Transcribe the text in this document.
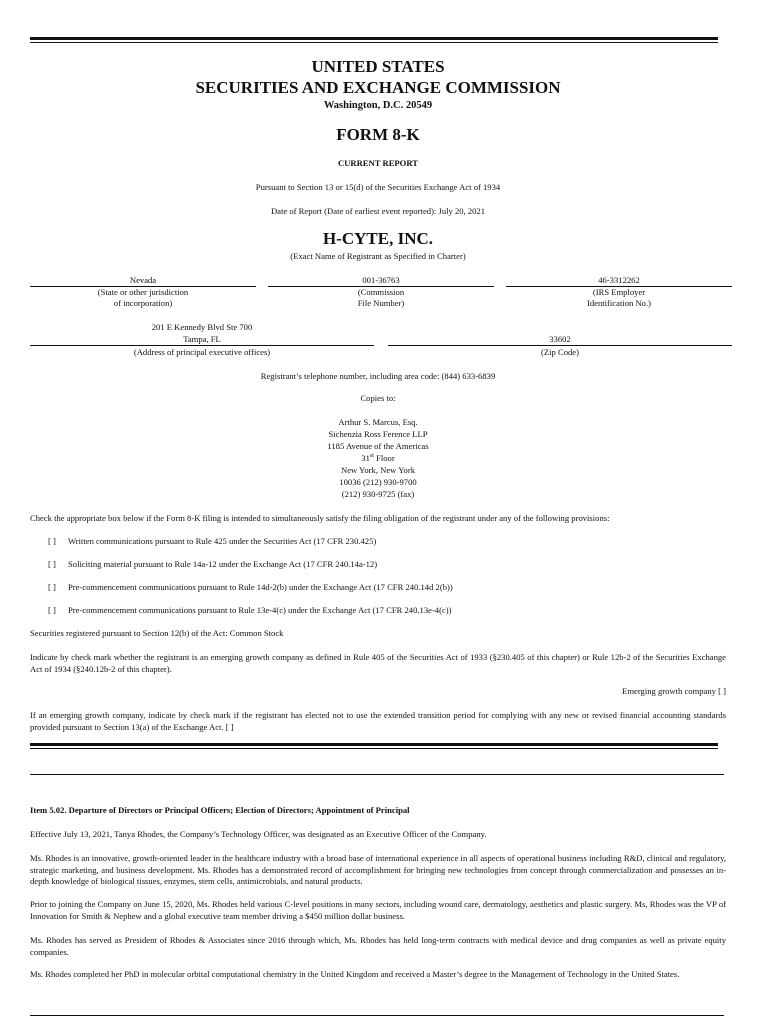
UNITED STATES
SECURITIES AND EXCHANGE COMMISSION
Washington, D.C. 20549
FORM 8-K
CURRENT REPORT
Pursuant to Section 13 or 15(d) of the Securities Exchange Act of 1934
Date of Report (Date of earliest event reported): July 20, 2021
H-CYTE, INC.
(Exact Name of Registrant as Specified in Charter)
Nevada
(State or other jurisdiction
of incorporation)
001-36763
(Commission
File Number)
46-3312262
(IRS Employer
Identification No.)
201 E Kennedy Blvd Ste 700
Tampa, FL
(Address of principal executive offices)
33602
(Zip Code)
Registrant’s telephone number, including area code: (844) 633-6839
Copies to:
Arthur S. Marcus, Esq.
Sichenzia Ross Ference LLP
1185 Avenue of the Americas
31st Floor
New York, New York
10036 (212) 930-9700
(212) 930-9725 (fax)
Check the appropriate box below if the Form 8-K filing is intended to simultaneously satisfy the filing obligation of the registrant under any of the following provisions:
[ ] Written communications pursuant to Rule 425 under the Securities Act (17 CFR 230.425)
[ ] Soliciting material pursuant to Rule 14a-12 under the Exchange Act (17 CFR 240.14a-12)
[ ] Pre-commencement communications pursuant to Rule 14d-2(b) under the Exchange Act (17 CFR 240.14d 2(b))
[ ] Pre-commencement communications pursuant to Rule 13e-4(c) under the Exchange Act (17 CFR 240.13e-4(c))
Securities registered pursuant to Section 12(b) of the Act: Common Stock

Indicate by check mark whether the registrant is an emerging growth company as defined in Rule 405 of the Securities Act of 1933 (§230.405 of this chapter) or Rule 12b-2 of the Securities Exchange Act of 1934 (§240.12b-2 of this chapter).

Emerging growth company [ ]

If an emerging growth company, indicate by check mark if the registrant has elected not to use the extended transition period for complying with any new or revised financial accounting standards provided pursuant to Section 13(a) of the Exchange Act. [ ]

Item 5.02. Departure of Directors or Principal Officers; Election of Directors; Appointment of Principal

Effective July 13, 2021, Tanya Rhodes, the Company’s Technology Officer, was designated as an Executive Officer of the Company.

Ms. Rhodes is an innovative, growth-oriented leader in the healthcare industry with a broad base of international experience in all aspects of operational business including R&D, clinical and regulatory, strategic marketing, and business development. Ms. Rhodes has a demonstrated record of accomplishment for bringing new technologies from concept through commercialization and possesses an in-depth knowledge of biological tissues, enzymes, stem cells, antimicrobials, and natural products.

Prior to joining the Company on June 15, 2020, Ms. Rhodes held various C-level positions in many sectors, including wound care, dermatology, aesthetics and plastic surgery. Ms, Rhodes was the VP of Innovation for Smith & Nephew and a global executive team member driving a $450 million dollar business.

Ms. Rhodes has served as President of Rhodes & Associates since 2016 through which, Ms. Rhodes has held long-term contracts with medical device and drug companies as well as private equity companies.

Ms. Rhodes completed her PhD in molecular orbital computational chemistry in the United Kingdom and received a Master’s degree in the Management of Technology in the United States.
